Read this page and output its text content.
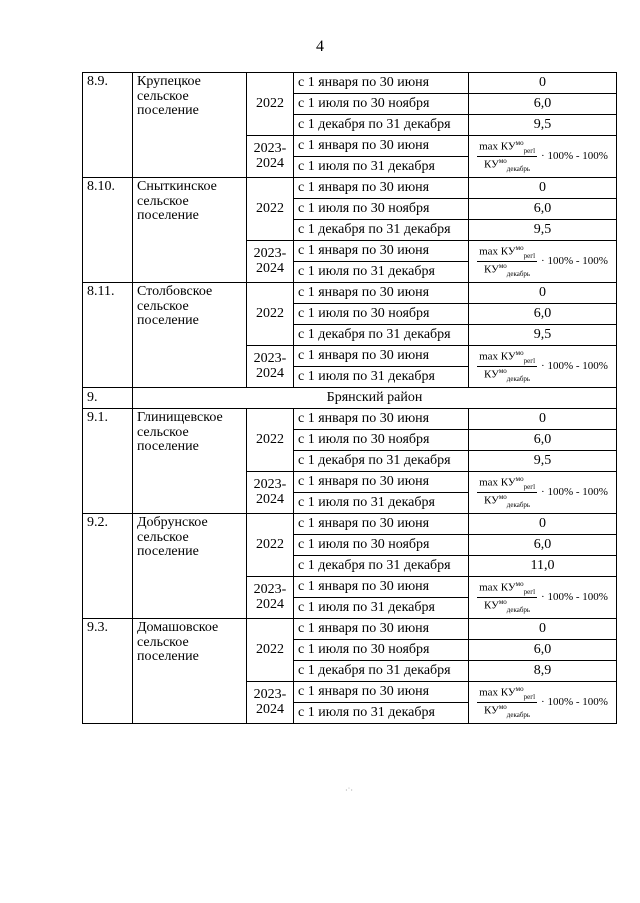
4
8.9.	Крупецкое сельское поселение	2022	с 1 января по 30 июня	0
			с 1 июля по 30 ноября	6,0
			с 1 декабря по 31 декабря	9,5
		2023-2024	с 1 января по 30 июня	$\frac{\max КУ^{мо}_{регl}}{КУ^{мо}_{декабрь}} \cdot 100\% - 100\%$

			с 1 июля по 31 декабря	
8.10.	Сныткинское сельское поселение	2022	с 1 января по 30 июня	0
			с 1 июля по 30 ноября	6,0
			с 1 декабря по 31 декабря	9,5
		2023-2024	с 1 января по 30 июня	$\frac{\max КУ^{мо}_{регl}}{КУ^{мо}_{декабрь}} \cdot 100\% - 100\%$

			с 1 июля по 31 декабря	
8.11.	Столбовское сельское поселение	2022	с 1 января по 30 июня	0
			с 1 июля по 30 ноября	6,0
			с 1 декабря по 31 декабря	9,5
		2023-2024	с 1 января по 30 июня	$\frac{\max КУ^{мо}_{регl}}{КУ^{мо}_{декабрь}} \cdot 100\% - 100\%$

			с 1 июля по 31 декабря	
9.	Брянский район			
9.1.	Глинищевское сельское поселение	2022	с 1 января по 30 июня	0
			с 1 июля по 30 ноября	6,0
			с 1 декабря по 31 декабря	9,5
		2023-2024	с 1 января по 30 июня	$\frac{\max КУ^{мо}_{регl}}{КУ^{мо}_{декабрь}} \cdot 100\% - 100\%$

			с 1 июля по 31 декабря	
9.2.	Добрунское сельское поселение	2022	с 1 января по 30 июня	0
			с 1 июля по 30 ноября	6,0
			с 1 декабря по 31 декабря	11,0
		2023-2024	с 1 января по 30 июня	$\frac{\max КУ^{мо}_{регl}}{КУ^{мо}_{декабрь}} \cdot 100\% - 100\%$

			с 1 июля по 31 декабря	
9.3.	Домашовское сельское поселение	2022	с 1 января по 30 июня	0
			с 1 июля по 30 ноября	6,0
			с 1 декабря по 31 декабря	8,9
		2023-2024	с 1 января по 30 июня	$\frac{\max КУ^{мо}_{регl}}{КУ^{мо}_{декабрь}} \cdot 100\% - 100\%$

			с 1 июля по 31 декабря	
·˙·
